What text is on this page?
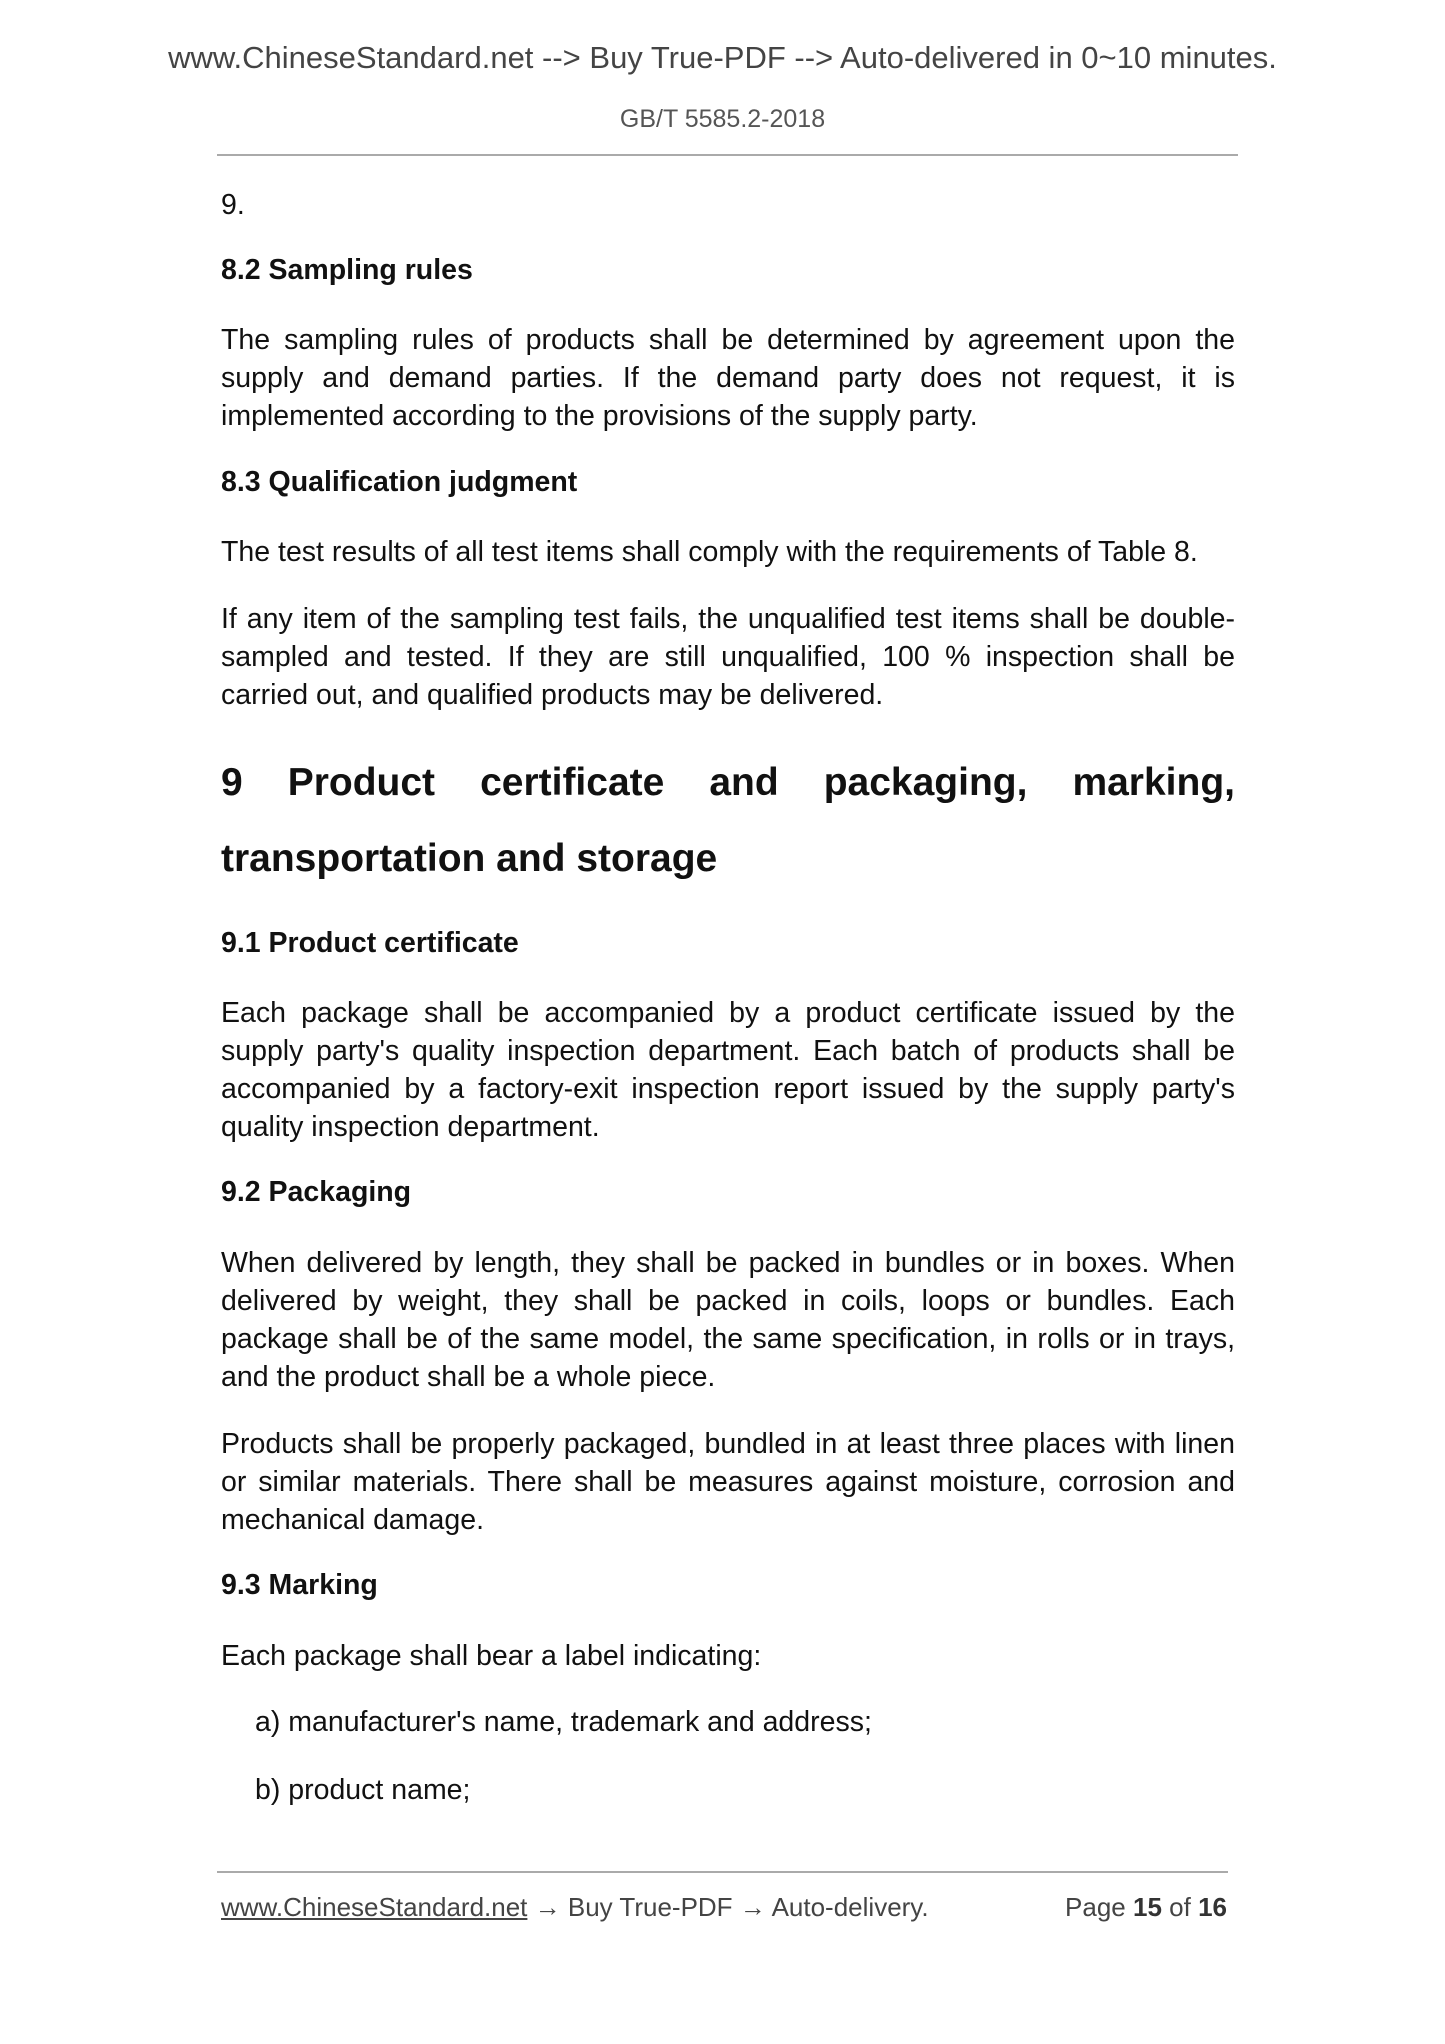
www.ChineseStandard.net --> Buy True-PDF --> Auto-delivered in 0~10 minutes.
GB/T 5585.2-2018
9.
8.2 Sampling rules
The sampling rules of products shall be determined by agreement upon the supply and demand parties. If the demand party does not request, it is implemented according to the provisions of the supply party.
8.3 Qualification judgment
The test results of all test items shall comply with the requirements of Table 8.
If any item of the sampling test fails, the unqualified test items shall be double-sampled and tested. If they are still unqualified, 100 % inspection shall be carried out, and qualified products may be delivered.
9 Product certificate and packaging, marking,
transportation and storage
9.1 Product certificate
Each package shall be accompanied by a product certificate issued by the supply party's quality inspection department. Each batch of products shall be accompanied by a factory-exit inspection report issued by the supply party's quality inspection department.
9.2 Packaging
When delivered by length, they shall be packed in bundles or in boxes. When delivered by weight, they shall be packed in coils, loops or bundles. Each package shall be of the same model, the same specification, in rolls or in trays, and the product shall be a whole piece.
Products shall be properly packaged, bundled in at least three places with linen or similar materials. There shall be measures against moisture, corrosion and mechanical damage.
9.3 Marking
Each package shall bear a label indicating:
a) manufacturer's name, trademark and address;
b) product name;
www.ChineseStandard.net → Buy True-PDF → Auto-delivery.	Page 15 of 16
